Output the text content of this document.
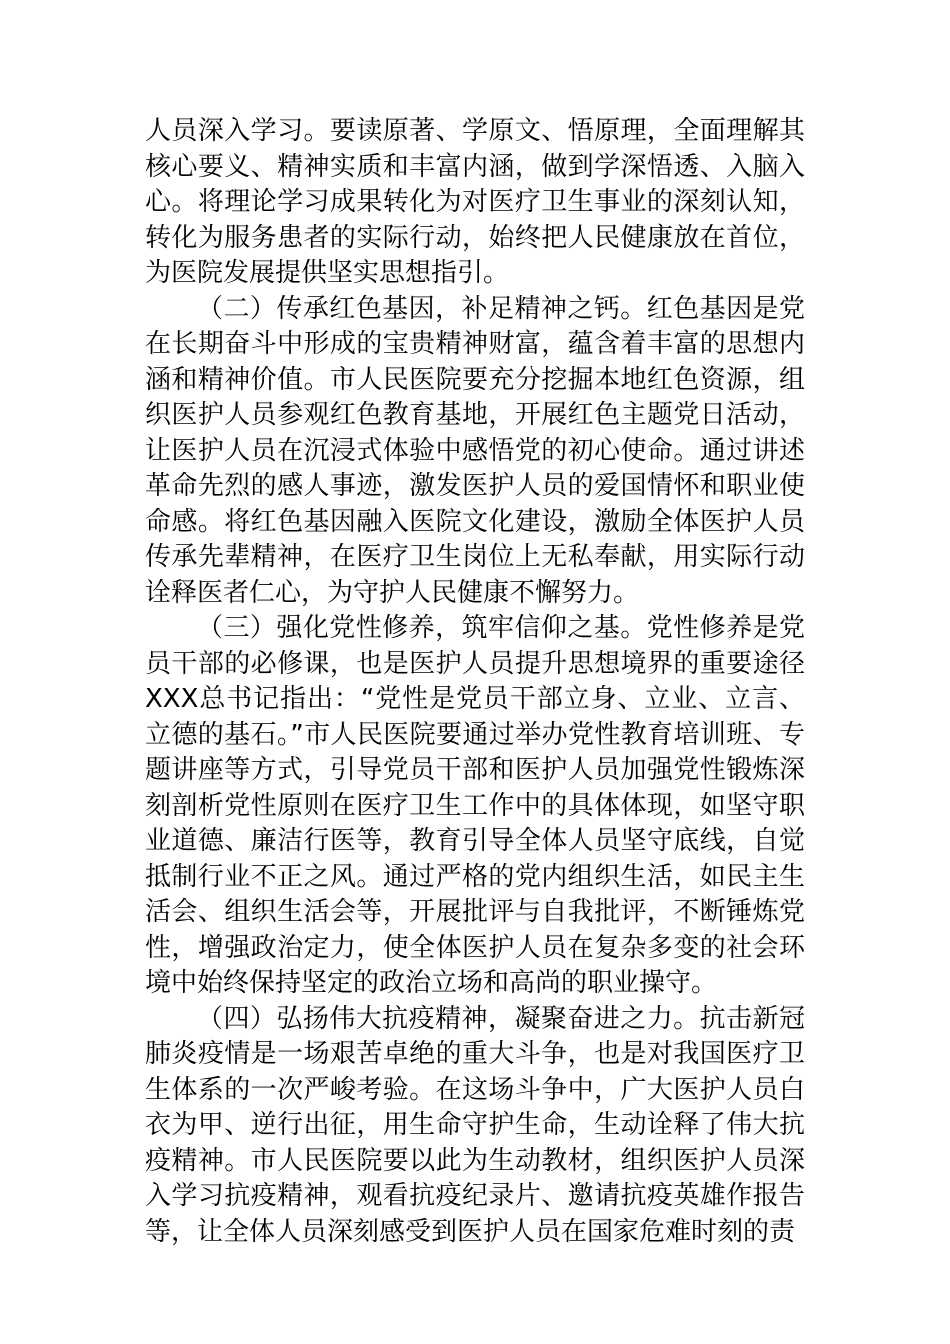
人员深入学习。要读原著、学原文、悟原理，全面理解其核心要义、精神实质和丰富内涵，做到学深悟透、入脑入心。将理论学习成果转化为对医疗卫生事业的深刻认知，转化为服务患者的实际行动，始终把人民健康放在首位，为医院发展提供坚实思想指引。

（二）传承红色基因，补足精神之钙。红色基因是党在长期奋斗中形成的宝贵精神财富，蕴含着丰富的思想内涵和精神价值。市人民医院要充分挖掘本地红色资源，组织医护人员参观红色教育基地，开展红色主题党日活动，让医护人员在沉浸式体验中感悟党的初心使命。通过讲述革命先烈的感人事迹，激发医护人员的爱国情怀和职业使命感。将红色基因融入医院文化建设，激励全体医护人员传承先辈精神，在医疗卫生岗位上无私奉献，用实际行动诠释医者仁心，为守护人民健康不懈努力。

（三）强化党性修养，筑牢信仰之基。党性修养是党员干部的必修课，也是医护人员提升思想境界的重要途径XXX总书记指出：“党性是党员干部立身、立业、立言、立德的基石。”市人民医院要通过举办党性教育培训班、专题讲座等方式，引导党员干部和医护人员加强党性锻炼深刻剖析党性原则在医疗卫生工作中的具体体现，如坚守职业道德、廉洁行医等，教育引导全体人员坚守底线，自觉抵制行业不正之风。通过严格的党内组织生活，如民主生活会、组织生活会等，开展批评与自我批评，不断锤炼党性，增强政治定力，使全体医护人员在复杂多变的社会环境中始终保持坚定的政治立场和高尚的职业操守。

（四）弘扬伟大抗疫精神，凝聚奋进之力。抗击新冠肺炎疫情是一场艰苦卓绝的重大斗争，也是对我国医疗卫生体系的一次严峻考验。在这场斗争中，广大医护人员白衣为甲、逆行出征，用生命守护生命，生动诠释了伟大抗疫精神。市人民医院要以此为生动教材，组织医护人员深入学习抗疫精神，观看抗疫纪录片、邀请抗疫英雄作报告等，让全体人员深刻感受到医护人员在国家危难时刻的责
